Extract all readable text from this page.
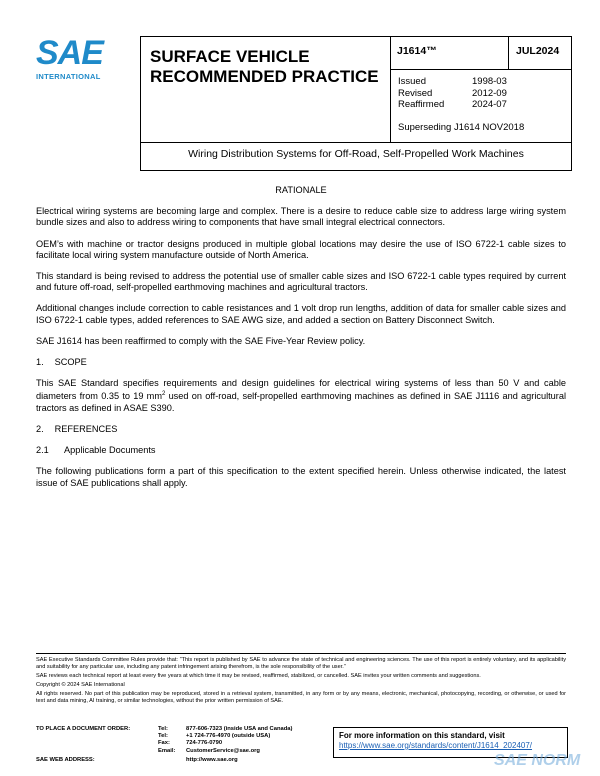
SAE
INTERNATIONAL
SURFACE VEHICLE RECOMMENDED PRACTICE
J1614™	JUL2024
Issued	1998-03
Revised	2012-09
Reaffirmed	2024-07
Superseding J1614 NOV2018
Wiring Distribution Systems for Off-Road, Self-Propelled Work Machines

RATIONALE

Electrical wiring systems are becoming large and complex. There is a desire to reduce cable size to address large wiring system bundle sizes and also to address wiring to components that have small integral electrical connectors.

OEM’s with machine or tractor designs produced in multiple global locations may desire the use of ISO 6722-1 cable sizes to facilitate local wiring system manufacture outside of North America.

This standard is being revised to address the potential use of smaller cable sizes and ISO 6722-1 cable types required by current and future off-road, self-propelled earthmoving machines and agricultural tractors.

Additional changes include correction to cable resistances and 1 volt drop run lengths, addition of data for smaller cable sizes and ISO 6722-1 cable types, added references to SAE AWG size, and added a section on Battery Disconnect Switch.

SAE J1614 has been reaffirmed to comply with the SAE Five-Year Review policy.

1. SCOPE

This SAE Standard specifies requirements and design guidelines for electrical wiring systems of less than 50 V and cable diameters from 0.35 to 19 $mm^2$ used on off-road, self-propelled earthmoving machines as defined in SAE J1116 and agricultural tractors as defined in ASAE S390.

2. REFERENCES
2.1 Applicable Documents

The following publications form a part of this specification to the extent specified herein. Unless otherwise indicated, the latest issue of SAE publications shall apply.

SAE Executive Standards Committee Rules provide that: “This report is published by SAE to advance the state of technical and engineering sciences. The use of this report is entirely voluntary, and its applicability and suitability for any particular use, including any patent infringement arising therefrom, is the sole responsibility of the user.”

SAE reviews each technical report at least every five years at which time it may be revised, reaffirmed, stabilized, or cancelled. SAE invites your written comments and suggestions.

Copyright © 2024 SAE International

All rights reserved. No part of this publication may be reproduced, stored in a retrieval system, transmitted, in any form or by any means, electronic, mechanical, photocopying, recording, or otherwise, or used for text and data mining, AI training, or similar technologies, without the prior written permission of SAE.

TO PLACE A DOCUMENT ORDER:	Tel:	877-606-7323 (inside USA and Canada)
Tel:	+1 724-776-4970 (outside USA)
Fax:	724-776-0790
Email: CustomerService@sae.org
SAE WEB ADDRESS:	http://www.sae.org
For more information on this standard, visit
https://www.sae.org/standards/content/J1614_202407/
SAE NORM
